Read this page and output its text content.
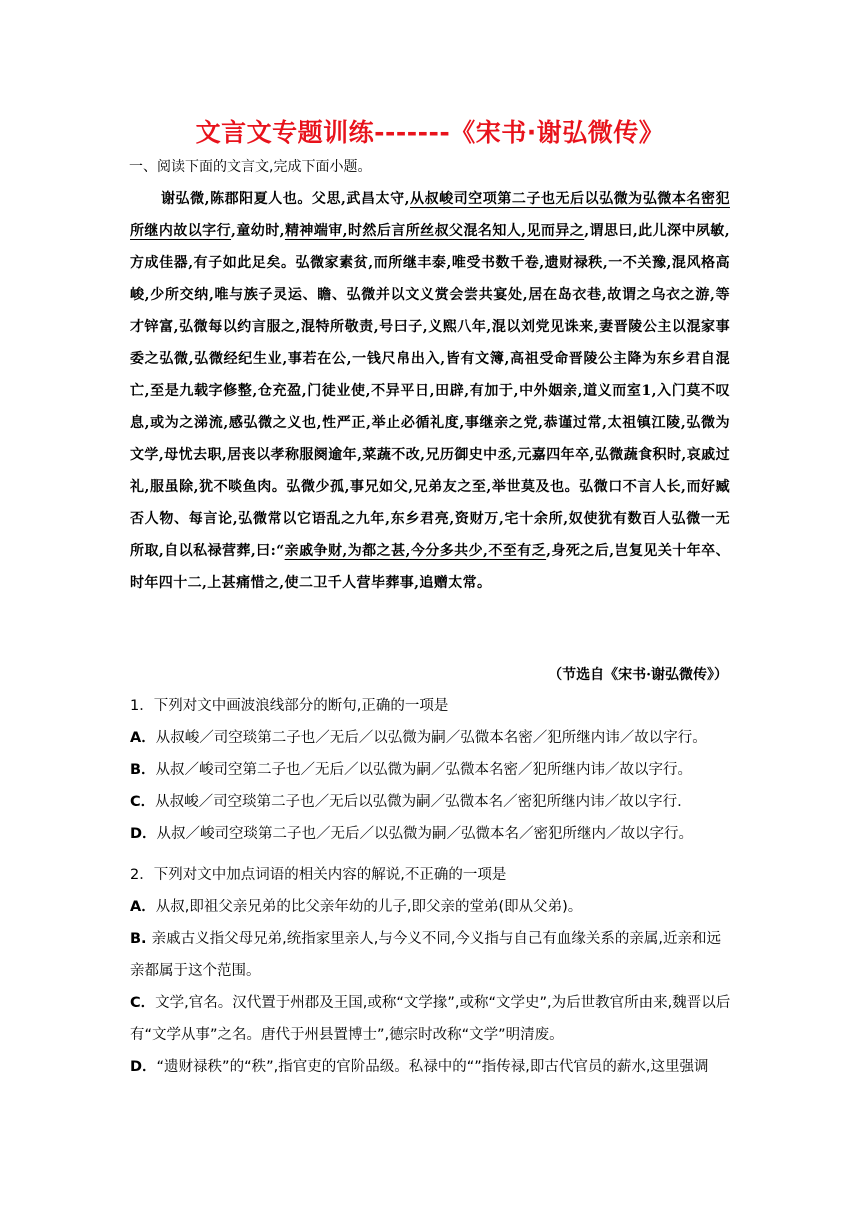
文言文专题训练-------《宋书·谢弘微传》
一、阅读下面的文言文,完成下面小题。

谢弘微,陈郡阳夏人也。父思,武昌太守,从叔峻司空项第二子也无后以弘微为弘微本名密犯所继内故以字行,童幼时,精神端审,时然后言所丝叔父混名知人,见而异之,谓思曰,此儿深中夙敏,方成佳器,有子如此足矣。弘微家素贫,而所继丰泰,唯受书数千卷,遗财禄秩,一不关豫,混风格高峻,少所交纳,唯与族子灵运、瞻、弘微并以文义赏会尝共宴处,居在岛衣巷,故谓之乌衣之游,等才锌富,弘微每以约言服之,混特所敬责,号曰子,义熙八年,混以刘党见诛来,妻晋陵公主以混家事委之弘微,弘微经纪生业,事若在公,一钱尺帛出入,皆有文簿,高祖受命晋陵公主降为东乡君自混亡,至是九载字修整,仓充盈,门徒业使,不异平日,田辟,有加于,中外姻亲,道义而室1,入门莫不叹息,或为之涕流,感弘微之义也,性严正,举止必循礼度,事继亲之党,恭谨过常,太祖镇江陵,弘微为文学,母忧去职,居丧以孝称服阕逾年,菜蔬不改,兄历御史中丞,元嘉四年卒,弘微蔬食积时,哀戚过礼,服虽除,犹不啖鱼肉。弘微少孤,事兄如父,兄弟友之至,举世莫及也。弘微口不言人长,而好臧否人物、每言论,弘微常以它语乱之九年,东乡君亮,资财万,宅十余所,奴使犹有数百人弘微一无所取,自以私禄营葬,曰:“亲戚争财,为都之甚,今分多共少,不至有乏,身死之后,岂复见关十年卒、时年四十二,上甚痛惜之,使二卫千人营毕葬事,追赠太常。

（节选自《宋书·谢弘微传》）

1．下列对文中画波浪线部分的断句,正确的一项是

A．从叔峻／司空琰第二子也／无后／以弘微为嗣／弘微本名密／犯所继内讳／故以字行。

B．从叔／峻司空第二子也／无后／以弘微为嗣／弘微本名密／犯所继内讳／故以字行。

C．从叔峻／司空琰第二子也／无后以弘微为嗣／弘微本名／密犯所继内讳／故以字行.

D．从叔／峻司空琰第二子也／无后／以弘微为嗣／弘微本名／密犯所继内／故以字行。

2．下列对文中加点词语的相关内容的解说,不正确的一项是

A．从叔,即祖父亲兄弟的比父亲年幼的儿子,即父亲的堂弟(即从父弟)。

B. 亲戚古义指父母兄弟,统指家里亲人,与今义不同,今义指与自己有血缘关系的亲属,近亲和远亲都属于这个范围。

C．文学,官名。汉代置于州郡及王国,或称“文学掾”,或称“文学史”,为后世教官所由来,魏晋以后有“文学从事”之名。唐代于州县置博士”,德宗时改称“文学”明清废。

D．“遗财禄秩”的“秩”,指官吏的官阶品级。私禄中的“”指传禄,即古代官员的薪水,这里强调
